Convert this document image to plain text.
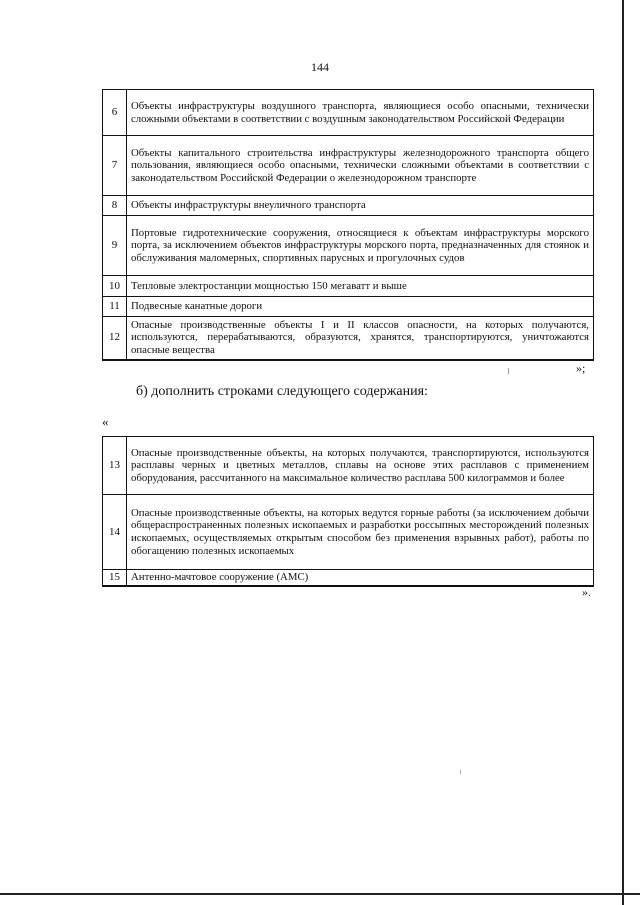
144
6	Объекты инфраструктуры воздушного транспорта, являющиеся особо опасными, технически сложными объектами в соответствии с воздушным законодательством Российской Федерации
7	Объекты капитального строительства инфраструктуры железнодорожного транспорта общего пользования, являющиеся особо опасными, технически сложными объектами в соответствии с законодательством Российской Федерации о железнодорожном транспорте
8	Объекты инфраструктуры внеуличного транспорта
9	Портовые гидротехнические сооружения, относящиеся к объектам инфраструктуры морского порта, за исключением объектов инфраструктуры морского порта, предназначенных для стоянок и обслуживания маломерных, спортивных парусных и прогулочных судов
10	Тепловые электростанции мощностью 150 мегаватт и выше
11	Подвесные канатные дороги
12	Опасные производственные объекты I и II классов опасности, на которых получаются, используются, перерабатываются, образуются, хранятся, транспортируются, уничтожаются опасные вещества
»;
б) дополнить строками следующего содержания:
«
13	Опасные производственные объекты, на которых получаются, транспортируются, используются расплавы черных и цветных металлов, сплавы на основе этих расплавов с применением оборудования, рассчитанного на максимальное количество расплава 500 килограммов и более
14	Опасные производственные объекты, на которых ведутся горные работы (за исключением добычи общераспространенных полезных ископаемых и разработки россыпных месторождений полезных ископаемых, осуществляемых открытым способом без применения взрывных работ), работы по обогащению полезных ископаемых
15	Антенно-мачтовое сооружение (АМС)
».
